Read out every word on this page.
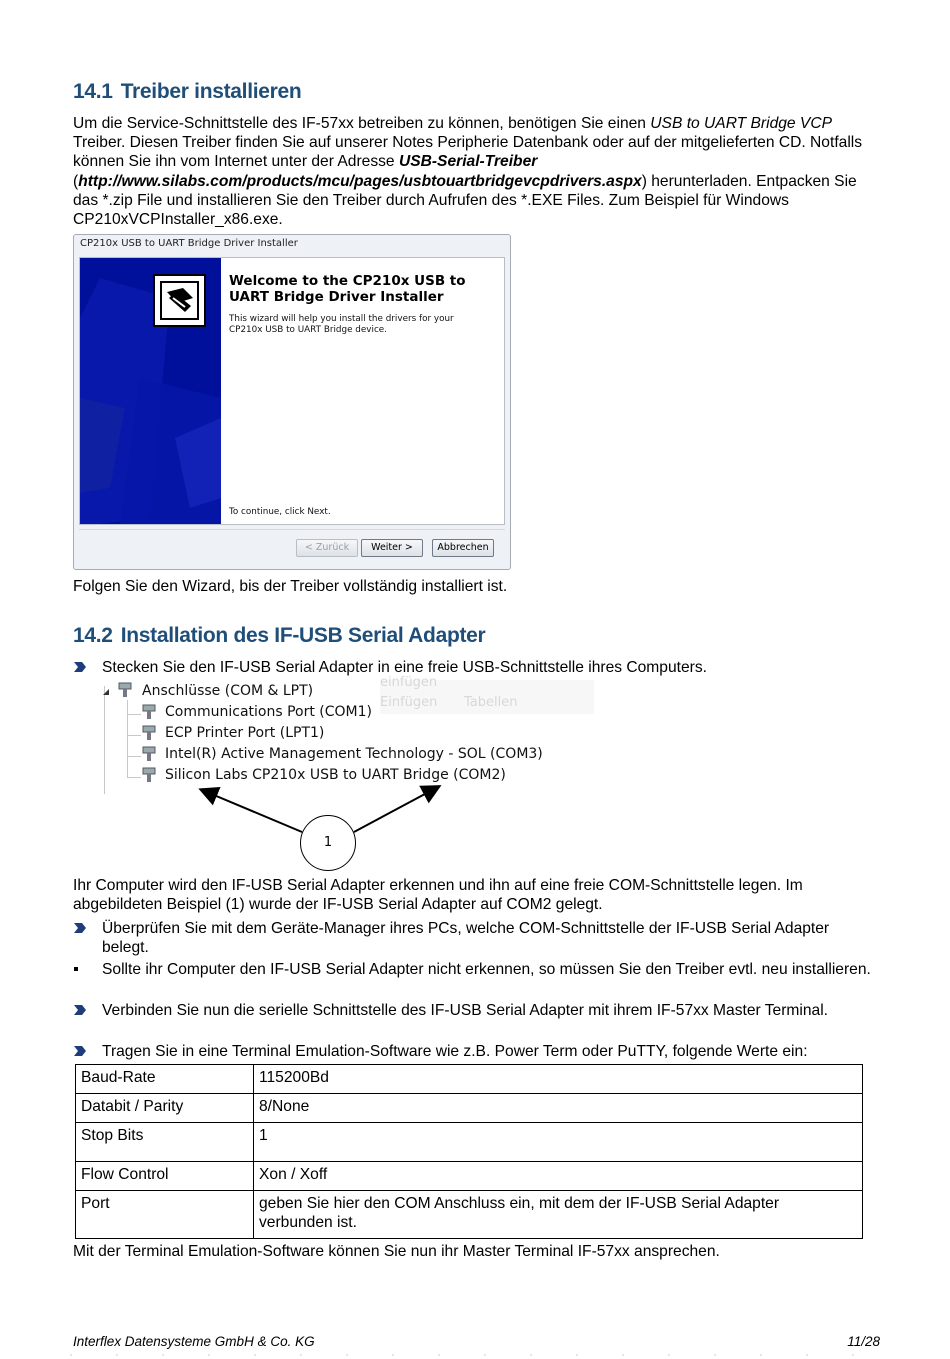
14.1 Treiber installieren

Um die Service-Schnittstelle des IF-57xx betreiben zu können, benötigen Sie einen USB to UART Bridge VCP Treiber. Diesen Treiber finden Sie auf unserer Notes Peripherie Datenbank oder auf der mitgelieferten CD. Notfalls können Sie ihn vom Internet unter der Adresse USB-Serial-Treiber
(http://www.silabs.com/products/mcu/pages/usbtouartbridgevcpdrivers.aspx) herunterladen. Entpacken Sie das *.zip File und installieren Sie den Treiber durch Aufrufen des *.EXE Files. Zum Beispiel für Windows CP210xVCPInstaller_x86.exe.

CP210x USB to UART Bridge Driver Installer
Welcome to the CP210x USB to UART Bridge Driver Installer
This wizard will help you install the drivers for your CP210x USB to UART Bridge device.
To continue, click Next.
< Zurück	Weiter >	Abbrechen

Folgen Sie den Wizard, bis der Treiber vollständig installiert ist.

14.2 Installation des IF-USB Serial Adapter
Stecken Sie den IF-USB Serial Adapter in eine freie USB-Schnittstelle ihres Computers.
einfügen
Einfügen Tabellen
Anschlüsse (COM & LPT)
Communications Port (COM1)
ECP Printer Port (LPT1)
Intel(R) Active Management Technology - SOL (COM3)
Silicon Labs CP210x USB to UART Bridge (COM2)
1

Ihr Computer wird den IF-USB Serial Adapter erkennen und ihn auf eine freie COM-Schnittstelle legen. Im abgebildeten Beispiel (1) wurde der IF-USB Serial Adapter auf COM2 gelegt.

Überprüfen Sie mit dem Geräte-Manager ihres PCs, welche COM-Schnittstelle der IF-USB Serial Adapter belegt.
Sollte ihr Computer den IF-USB Serial Adapter nicht erkennen, so müssen Sie den Treiber evtl. neu installieren.
Verbinden Sie nun die serielle Schnittstelle des IF-USB Serial Adapter mit ihrem IF-57xx Master Terminal.
Tragen Sie in eine Terminal Emulation-Software wie z.B. Power Term oder PuTTY, folgende Werte ein:
Baud-Rate	115200Bd
Databit / Parity	8/None
Stop Bits	1
Flow Control	Xon / Xoff
Port	geben Sie hier den COM Anschluss ein, mit dem der IF-USB Serial Adapter verbunden ist.

Mit der Terminal Emulation-Software können Sie nun ihr Master Terminal IF-57xx ansprechen.

Interflex Datensysteme GmbH & Co. KG	11/28
